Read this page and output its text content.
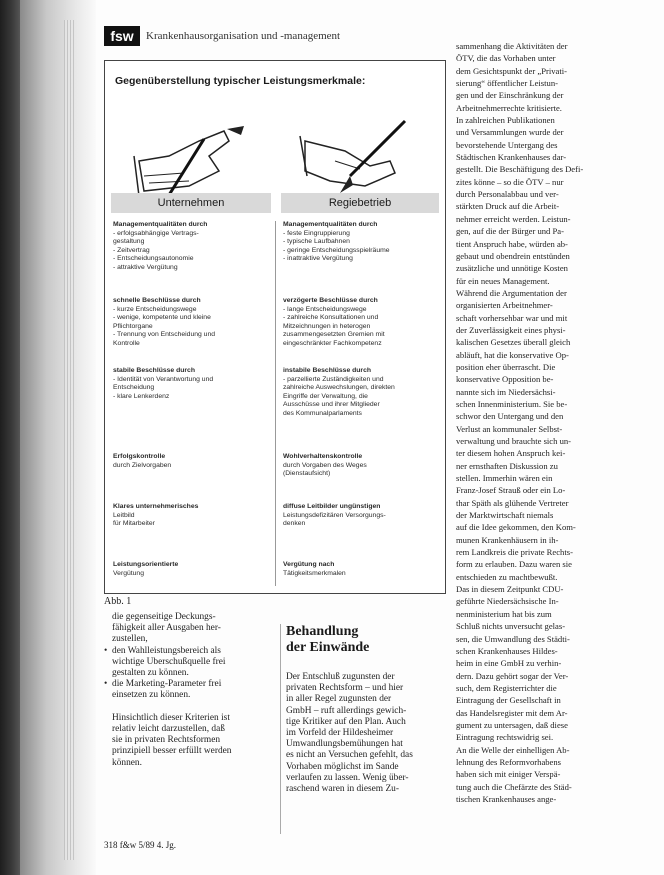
fsw	Krankenhausorganisation und -management
Gegenüberstellung typischer Leistungsmerkmale:
Unternehmen	Regiebetrieb
Managementqualitäten durch
- erfolgsabhängige Vertrags-
gestaltung
- Zeitvertrag
- Entscheidungsautonomie
- attraktive Vergütung
schnelle Beschlüsse durch
- kurze Entscheidungswege
- wenige, kompetente und kleine
Pflichtorgane
- Trennung von Entscheidung und
Kontrolle
stabile Beschlüsse durch
- Identität von Verantwortung und
Entscheidung
- klare Lenkerdenz
Erfolgskontrolle
durch Zielvorgaben
Klares unternehmerisches
Leitbild
für Mitarbeiter
Leistungsorientierte
Vergütung
Managementqualitäten durch
- feste Eingruppierung
- typische Laufbahnen
- geringe Entscheidungsspielräume
- inattraktive Vergütung
verzögerte Beschlüsse durch
- lange Entscheidungswege
- zahlreiche Konsultationen und
Mitzeichnungen in heterogen
zusammengesetzten Gremien mit
eingeschränkter Fachkompetenz
instabile Beschlüsse durch
- parzellierte Zuständigkeiten und
zahlreiche Auswechslungen, direkten
Eingriffe der Verwaltung, die
Ausschüsse und ihrer Mitglieder
des Kommunalparlaments
Wohlverhaltenskontrolle
durch Vorgaben des Weges
(Dienstaufsicht)
diffuse Leitbilder ungünstigen
Leistungsdefizitären Versorgungs-
denken
Vergütung nach
Tätigkeitsmerkmalen
Abb. 1
die gegenseitige Deckungs-
fähigkeit aller Ausgaben her-
zustellen,
• den Wahlleistungsbereich als
wichtige Überschußquelle frei
gestalten zu können.
• die Marketing-Parameter frei
einsetzen zu können.

Hinsichtlich dieser Kriterien ist
relativ leicht darzustellen, daß
sie in privaten Rechtsformen
prinzipiell besser erfüllt werden
können.
Behandlung
der Einwände
Der Entschluß zugunsten der
privaten Rechtsform – und hier
in aller Regel zugunsten der
GmbH – ruft allerdings gewich-
tige Kritiker auf den Plan. Auch
im Vorfeld der Hildesheimer
Umwandlungsbemühungen hat
es nicht an Versuchen gefehlt, das
Vorhaben möglichst im Sande
verlaufen zu lassen. Wenig über-
raschend waren in diesem Zu-
sammenhang die Aktivitäten der
ÖTV, die das Vorhaben unter
dem Gesichtspunkt der „Privati-
sierung“ öffentlicher Leistun-
gen und der Einschränkung der
Arbeitnehmerrechte kritisierte.
In zahlreichen Publikationen
und Versammlungen wurde der
bevorstehende Untergang des
Städtischen Krankenhauses dar-
gestellt. Die Beschäftigung des Defi-
zites könne – so die ÖTV – nur
durch Personalabbau und ver-
stärkten Druck auf die Arbeit-
nehmer erreicht werden. Leistun-
gen, auf die der Bürger und Pa-
tient Anspruch habe, würden ab-
gebaut und obendrein entstünden
zusätzliche und unnötige Kosten
für ein neues Management.
Während die Argumentation der
organisierten Arbeitnehmer-
schaft vorhersehbar war und mit
der Zuverlässigkeit eines physi-
kalischen Gesetzes überall gleich
abläuft, hat die konservative Op-
position eher überrascht. Die
konservative Opposition be-
nannte sich im Niedersächsi-
schen Innenministerium. Sie be-
schwor den Untergang und den
Verlust an kommunaler Selbst-
verwaltung und brauchte sich un-
ter diesem hohen Anspruch kei-
ner ernsthaften Diskussion zu
stellen. Immerhin wären ein
Franz-Josef Strauß oder ein Lo-
thar Späth als glühende Vertreter
der Marktwirtschaft niemals
auf die Idee gekommen, den Kom-
munen Krankenhäusern in ih-
rem Landkreis die private Rechts-
form zu erlauben. Dazu waren sie
entschieden zu machtbewußt.
Das in diesem Zeitpunkt CDU-
geführte Niedersächsische In-
nenministerium hat bis zum
Schluß nichts unversucht gelas-
sen, die Umwandlung des Städti-
schen Krankenhauses Hildes-
heim in eine GmbH zu verhin-
dern. Dazu gehört sogar der Ver-
such, dem Registerrichter die
Eintragung der Gesellschaft in
das Handelsregister mit dem Ar-
gument zu untersagen, daß diese
Eintragung rechtswidrig sei.
An die Welle der einhelligen Ab-
lehnung des Reformvorhabens
haben sich mit einiger Verspä-
tung auch die Chefärzte des Städ-
tischen Krankenhauses ange-
318 f&w 5/89 4. Jg.
